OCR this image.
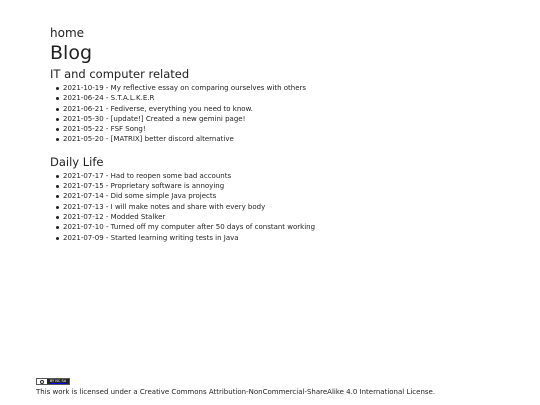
home
Blog
IT and computer related
2021-10-19 - My reflective essay on comparing ourselves with others
2021-06-24 - S.T.A.L.K.E.R
2021-06-21 - Fediverse, everything you need to know.
2021-05-30 - [update!] Created a new gemini page!
2021-05-22 - FSF Song!
2021-05-20 - [MATRIX] better discord alternative
Daily Life
2021-07-17 - Had to reopen some bad accounts
2021-07-15 - Proprietary software is annoying
2021-07-14 - Did some simple Java projects
2021-07-13 - I will make notes and share with every body
2021-07-12 - Modded Stalker
2021-07-10 - Turned off my computer after 50 days of constant working
2021-07-09 - Started learning writing tests in Java
BY NC SA
This work is licensed under a Creative Commons Attribution-NonCommercial-ShareAlike 4.0 International License.
